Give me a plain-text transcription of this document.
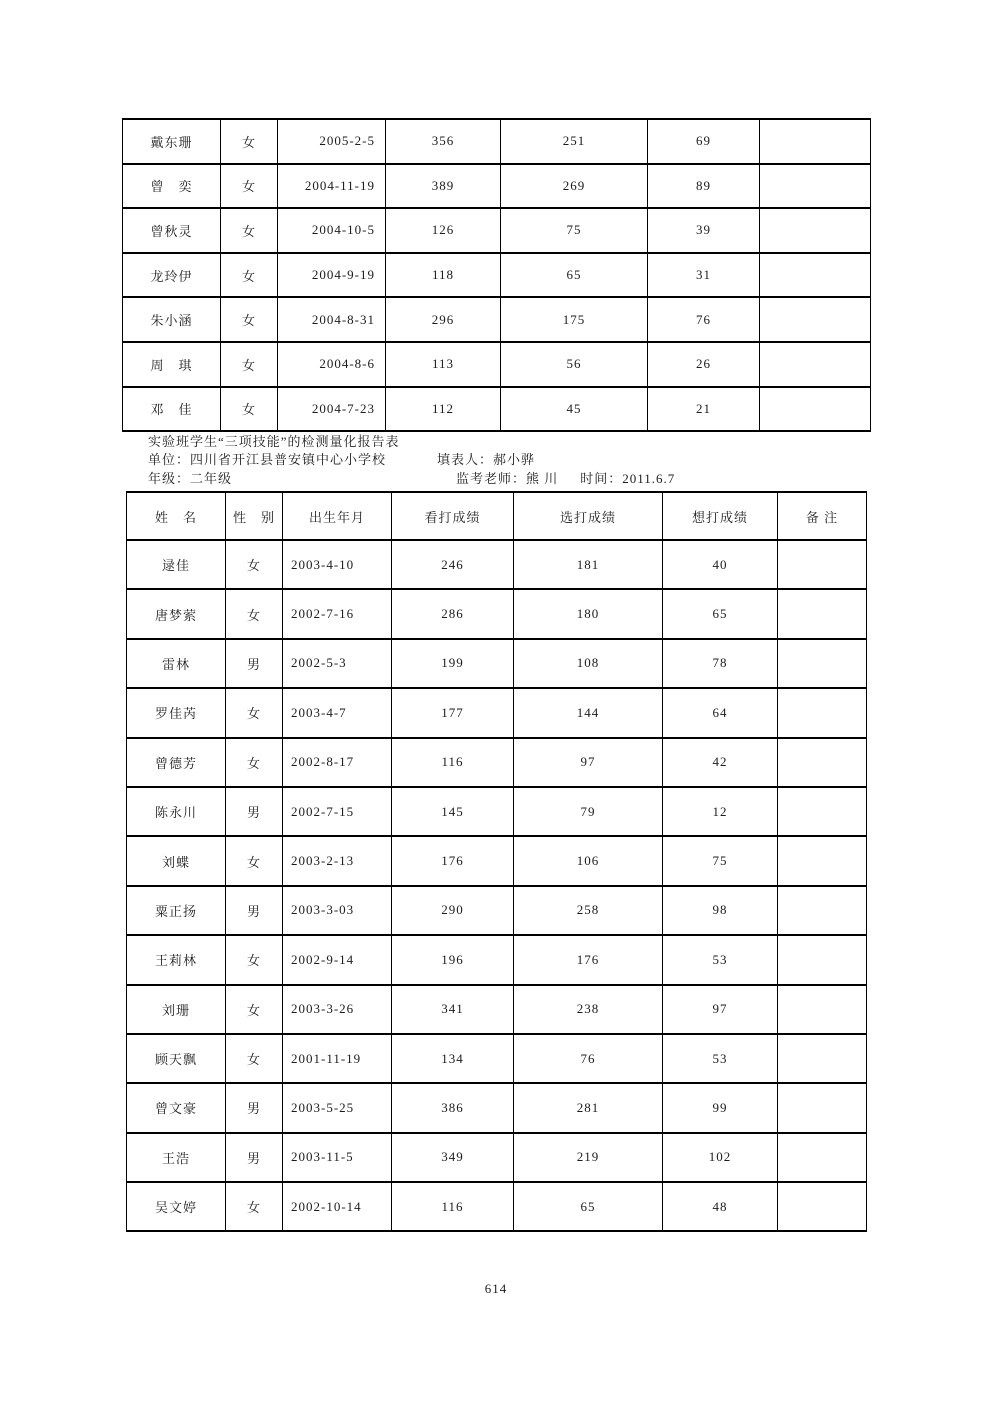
戴东珊	女	2005-2-5	356	251	69	
曾　奕	女	2004-11-19	389	269	89	
曾秋灵	女	2004-10-5	126	75	39	
龙玲伊	女	2004-9-19	118	65	31	
朱小涵	女	2004-8-31	296	175	76	
周　琪	女	2004-8-6	113	56	26	
邓　佳	女	2004-7-23	112	45	21	
实验班学生“三项技能”的检测量化报告表
单位：四川省开江县普安镇中心小学校	填表人：郝小骅
年级：二年级	监考老师：熊 川 时间：2011.6.7
姓　名	性　别	出生年月	看打成绩	选打成绩	想打成绩	备 注
逯佳	女	2003-4-10	246	181	40	
唐梦萦	女	2002-7-16	286	180	65	
雷林	男	2002-5-3	199	108	78	
罗佳芮	女	2003-4-7	177	144	64	
曾德芳	女	2002-8-17	116	97	42	
陈永川	男	2002-7-15	145	79	12	
刘蝶	女	2003-2-13	176	106	75	
粟正扬	男	2003-3-03	290	258	98	
王莉林	女	2002-9-14	196	176	53	
刘珊	女	2003-3-26	341	238	97	
顾天飘	女	2001-11-19	134	76	53	
曾文豪	男	2003-5-25	386	281	99	
王浩	男	2003-11-5	349	219	102	
吴文婷	女	2002-10-14	116	65	48	
614
